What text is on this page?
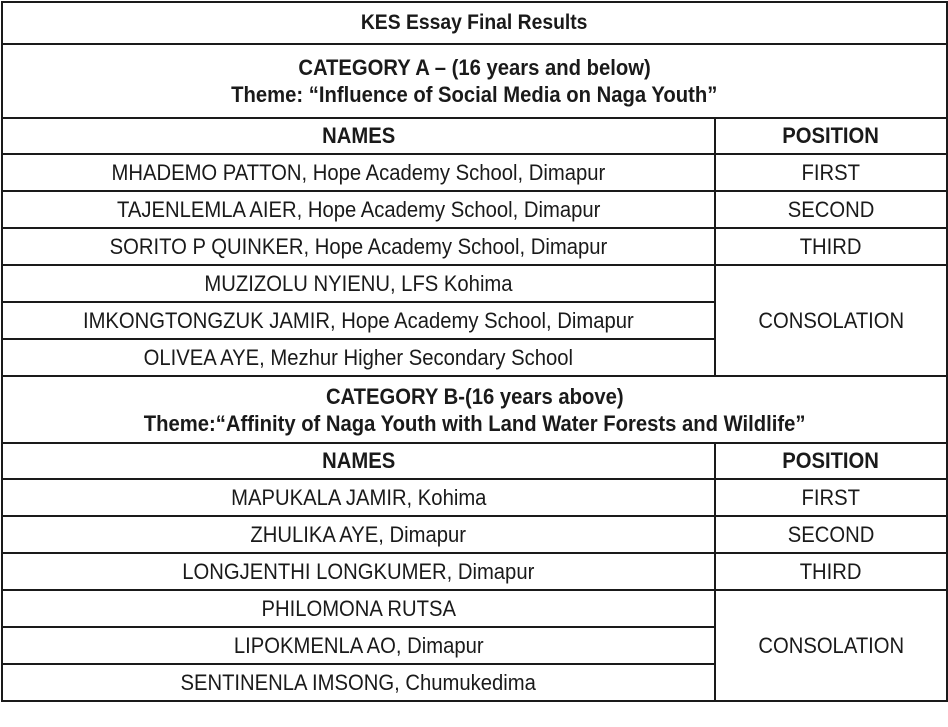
KES Essay Final Results	

CATEGORY A – (16 years and below)
Theme: “Influence of Social Media on Naga Youth”	

NAMES	POSITION
MHADEMO PATTON, Hope Academy School, Dimapur	FIRST
TAJENLEMLA AIER, Hope Academy School, Dimapur	SECOND
SORITO P QUINKER, Hope Academy School, Dimapur	THIRD
MUZIZOLU NYIENU, LFS Kohima	CONSOLATION
IMKONGTONGZUK JAMIR, Hope Academy School, Dimapur	
OLIVEA AYE, Mezhur Higher Secondary School	

CATEGORY B-(16 years above)
Theme:“Affinity of Naga Youth with Land Water Forests and Wildlife”	

NAMES	POSITION
MAPUKALA JAMIR, Kohima	FIRST
ZHULIKA AYE, Dimapur	SECOND
LONGJENTHI LONGKUMER, Dimapur	THIRD
PHILOMONA RUTSA	CONSOLATION
LIPOKMENLA AO, Dimapur	
SENTINENLA IMSONG, Chumukedima	
